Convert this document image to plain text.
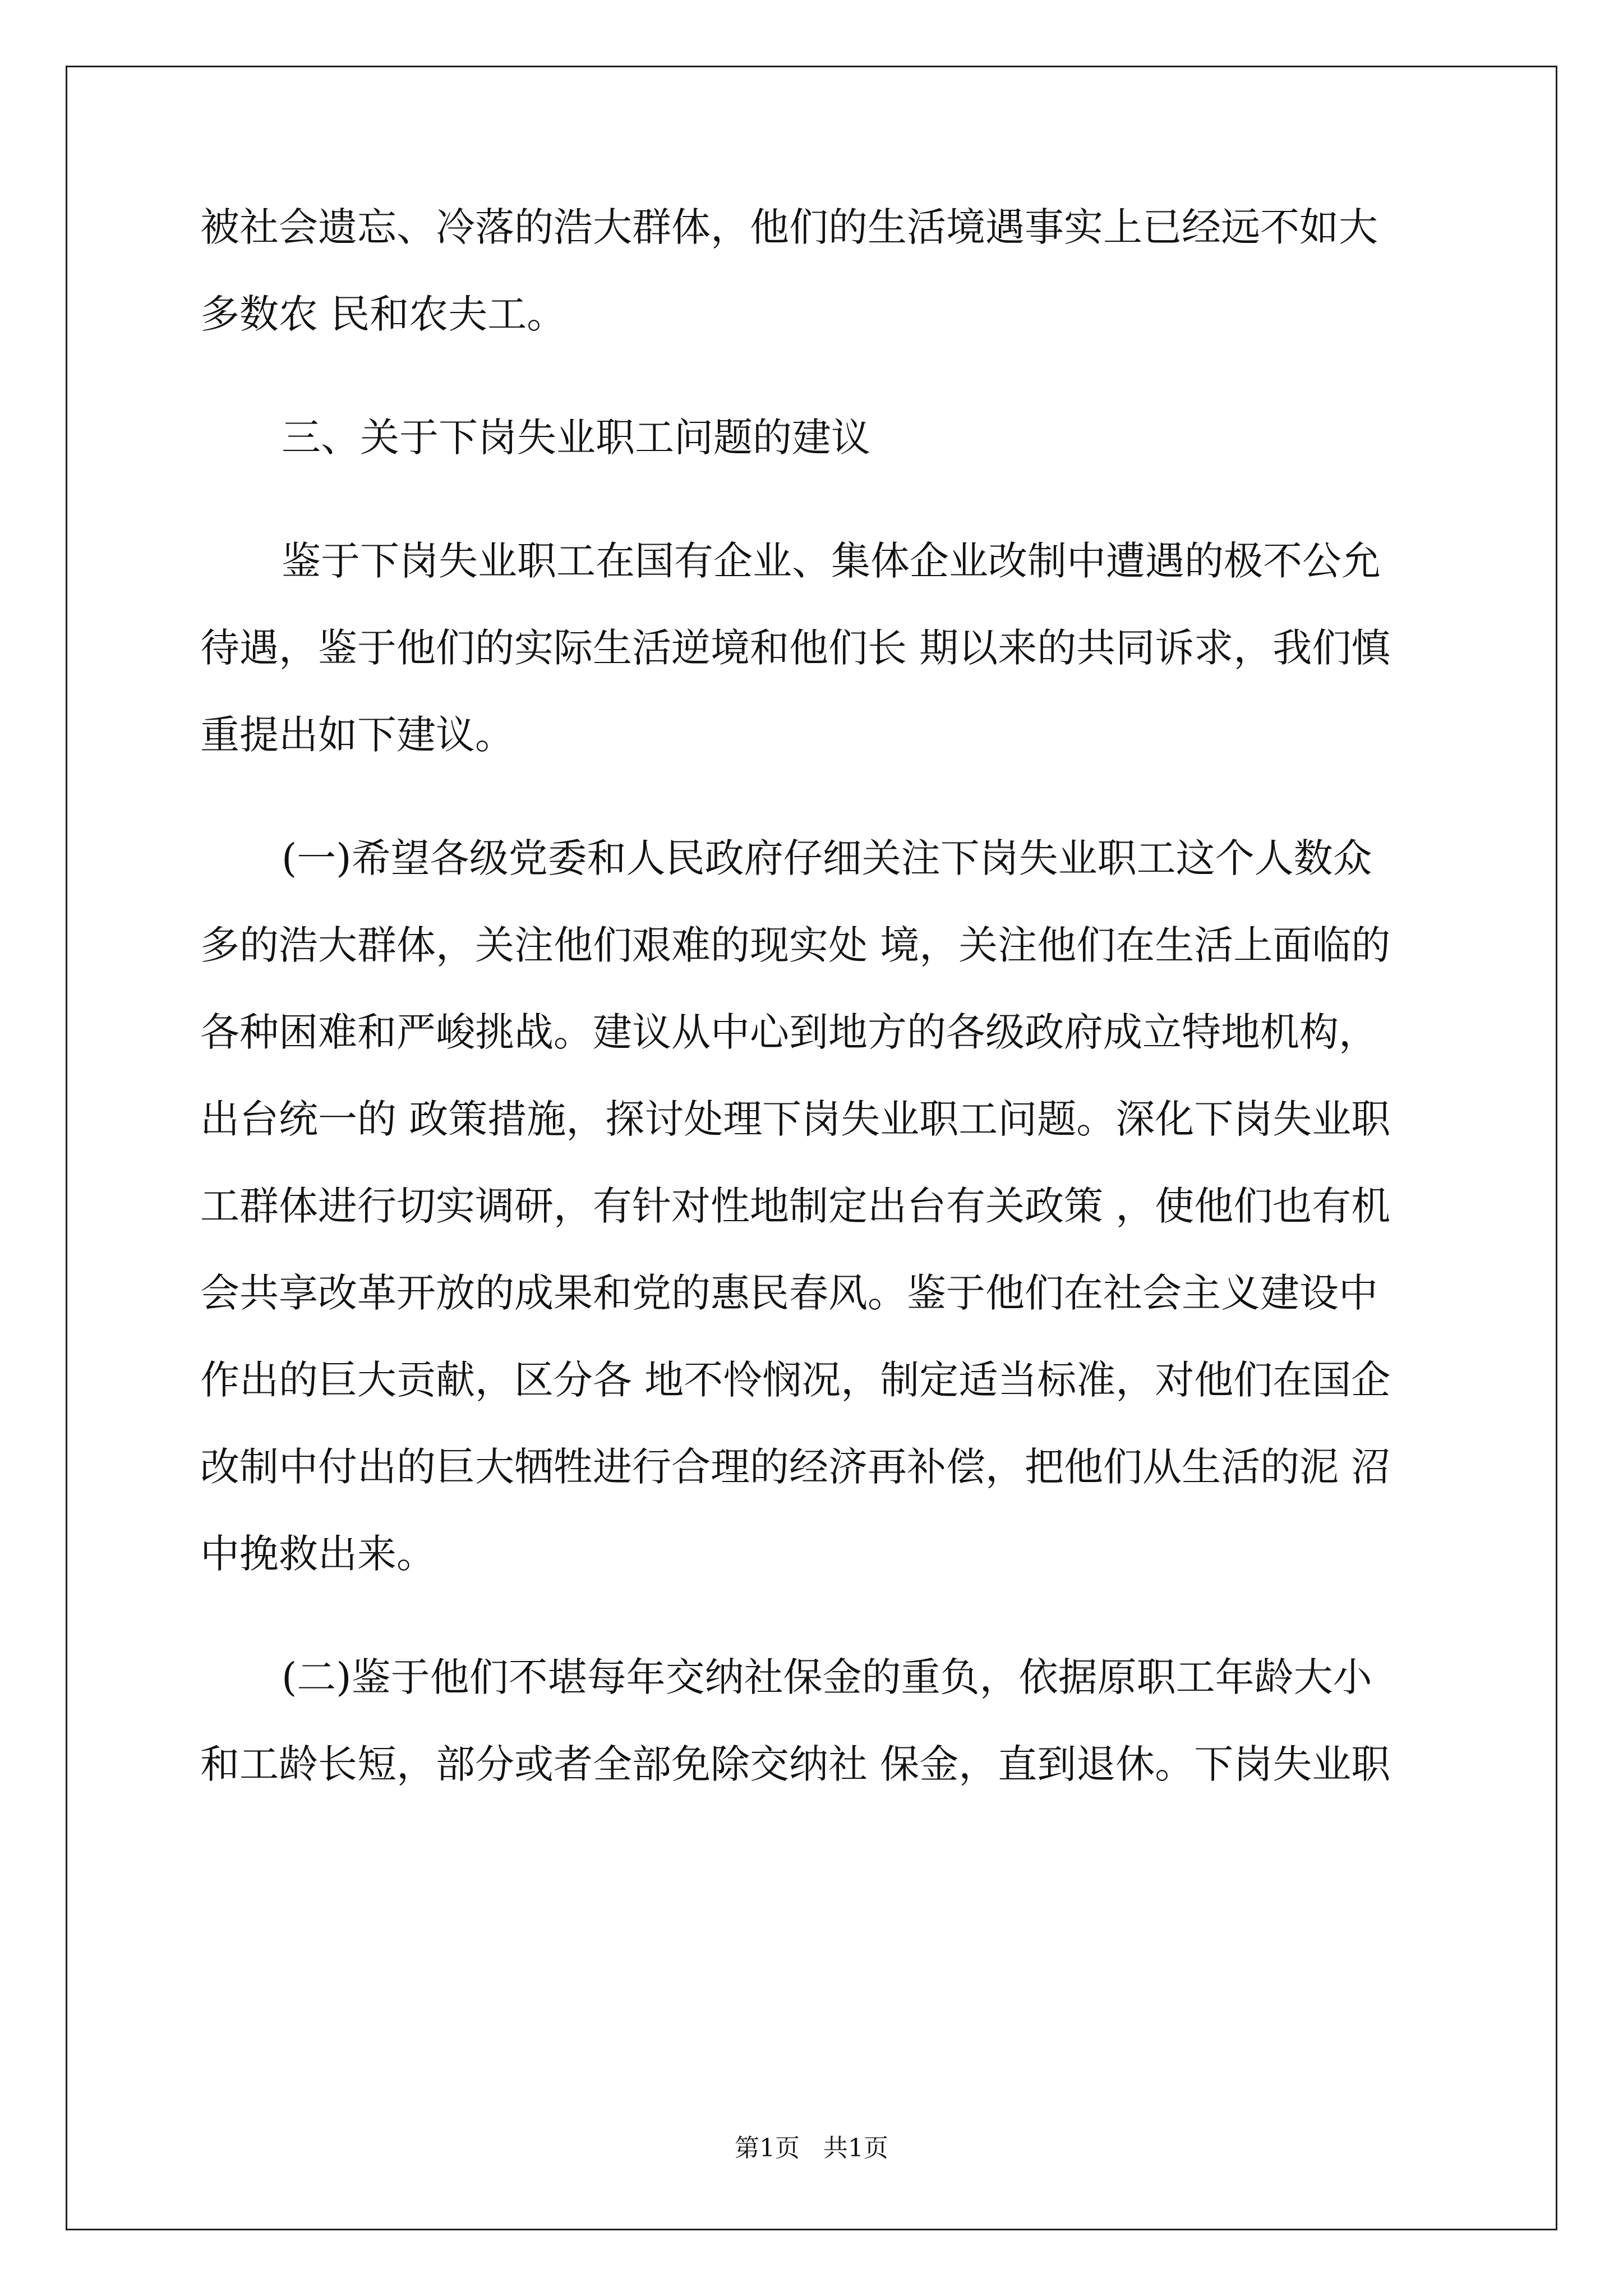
被社会遗忘、冷落的浩大群体，他们的生活境遇事实上已经远不如大
多数农 民和农夫工。
三、关于下岗失业职工问题的建议
鉴于下岗失业职工在国有企业、集体企业改制中遭遇的极不公允
待遇，鉴于他们的实际生活逆境和他们长 期以来的共同诉求，我们慎
重提出如下建议。
(一)希望各级党委和人民政府仔细关注下岗失业职工这个人数众
多的浩大群体，关注他们艰难的现实处 境，关注他们在生活上面临的
各种困难和严峻挑战。建议从中心到地方的各级政府成立特地机构，
出台统一的 政策措施，探讨处理下岗失业职工问题。深化下岗失业职
工群体进行切实调研，有针对性地制定出台有关政策 ，使他们也有机
会共享改革开放的成果和党的惠民春风。鉴于他们在社会主义建设中
作出的巨大贡献，区分各 地不怜悯况，制定适当标准，对他们在国企
改制中付出的巨大牺牲进行合理的经济再补偿，把他们从生活的泥 沼
中挽救出来。
(二)鉴于他们不堪每年交纳社保金的重负，依据原职工年龄大小
和工龄长短，部分或者全部免除交纳社 保金，直到退休。下岗失业职
第1页   共1页
